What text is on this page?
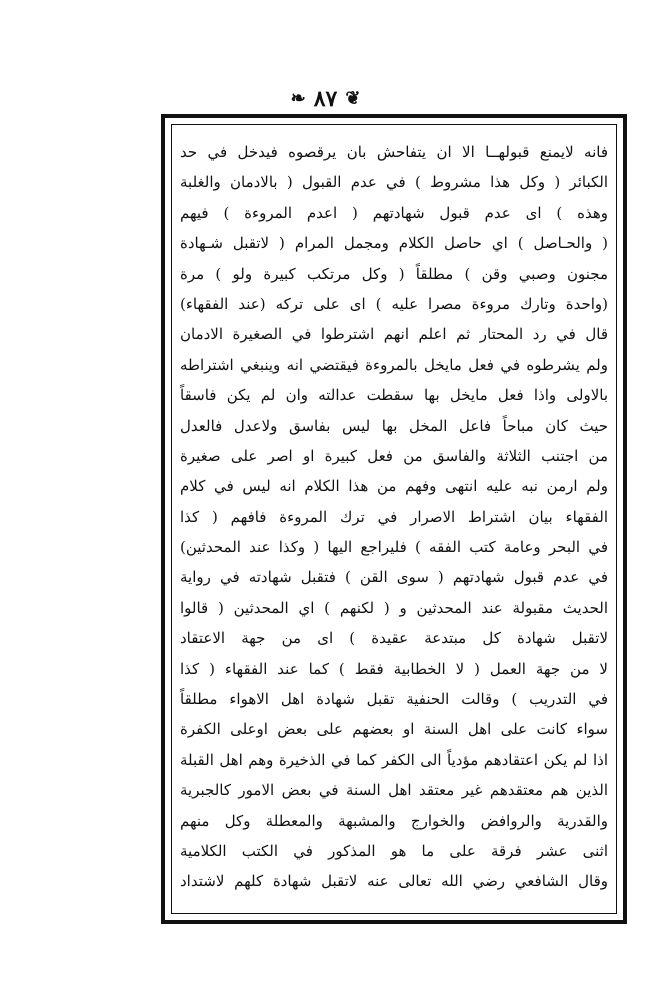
❦
٨٧
❧
فانه لايمنع قبولهــا الا ان يتفاحش بان يرقصوه فيدخل في حد
الكبائر ( وكل هذا مشروط ) في عدم القبول ( بالادمان والغلبة
وهذه ) اى عدم قبول شهادتهم ( اعدم المروءة ) فيهم
( والحـاصل ) اي حاصل الكلام ومجمل المرام ( لاتقبل شـهادة
مجنون وصبي وقن ) مطلقاً ( وكل مرتكب كبيرة ولو ) مرة
(واحدة وتارك مروءة مصرا عليه ) اى على تركه (عند الفقهاء)
قال في رد المحتار ثم اعلم انهم اشترطوا في الصغيرة الادمان
ولم يشرطوه في فعل مايخل بالمروءة فيقتضي انه وينبغي اشتراطه
بالاولى واذا فعل مايخل بها سقطت عدالته وان لم يكن فاسقاً
حيث كان مباحاً فاعل المخل بها ليس بفاسق ولاعدل فالعدل
من اجتنب الثلاثة والفاسق من فعل كبيرة او اصر على صغيرة
ولم ارمن نبه عليه انتهى وفهم من هذا الكلام انه ليس في كلام
الفقهاء بيان اشتراط الاصرار في ترك المروءة فافهم ( كذا
في البحر وعامة كتب الفقه ) فليراجع اليها ( وكذا عند المحدثين)
في عدم قبول شهادتهم ( سوى القن ) فتقبل شهادته في رواية
الحديث مقبولة عند المحدثين و ( لكنهم ) اي المحدثين ( قالوا
لاتقبل شهادة كل مبتدعة عقيدة ) اى من جهة الاعتقاد
لا من جهة العمل ( لا الخطابية فقط ) كما عند الفقهاء ( كذا
في التدريب ) وقالت الحنفية تقبل شهادة اهل الاهواء مطلقاً
سواء كانت على اهل السنة او بعضهم على بعض اوعلى الكفرة
اذا لم يكن اعتقادهم مؤدياً الى الكفر كما في الذخيرة وهم اهل القبلة
الذين هم معتقدهم غير معتقد اهل السنة في بعض الامور كالجبرية
والقدرية والروافض والخوارج والمشبهة والمعطلة وكل منهم
اثنى عشر فرقة على ما هو المذكور في الكتب الكلامية
وقال الشافعي رضي الله تعالى عنه لاتقبل شهادة كلهم لاشتداد
